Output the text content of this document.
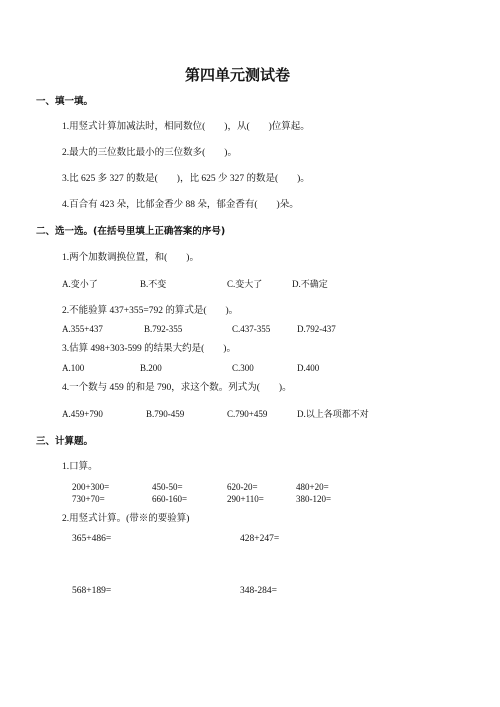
第四单元测试卷
一、填一填。
1.用竖式计算加减法时，相同数位(　　)，从(　　)位算起。
2.最大的三位数比最小的三位数多(　　)。
3.比 625 多 327 的数是(　　)，比 625 少 327 的数是(　　)。
4.百合有 423 朵，比郁金香少 88 朵，郁金香有(　　)朵。
二、选一选。(在括号里填上正确答案的序号)
1.两个加数调换位置，和(　　)。
A.变小了	B.不变	C.变大了	D.不确定
2.不能验算 437+355=792 的算式是(　　)。
A.355+437	B.792-355	C.437-355	D.792-437
3.估算 498+303-599 的结果大约是(　　)。
A.100	B.200	C.300	D.400
4.一个数与 459 的和是 790，求这个数。列式为(　　)。
A.459+790	B.790-459	C.790+459	D.以上各项都不对
三、计算题。
1.口算。
200+300=	450-50=	620-20=	480+20=
730+70=	660-160=	290+110=	380-120=
2.用竖式计算。(带※的要验算)
365+486=	428+247=
568+189=	348-284=
